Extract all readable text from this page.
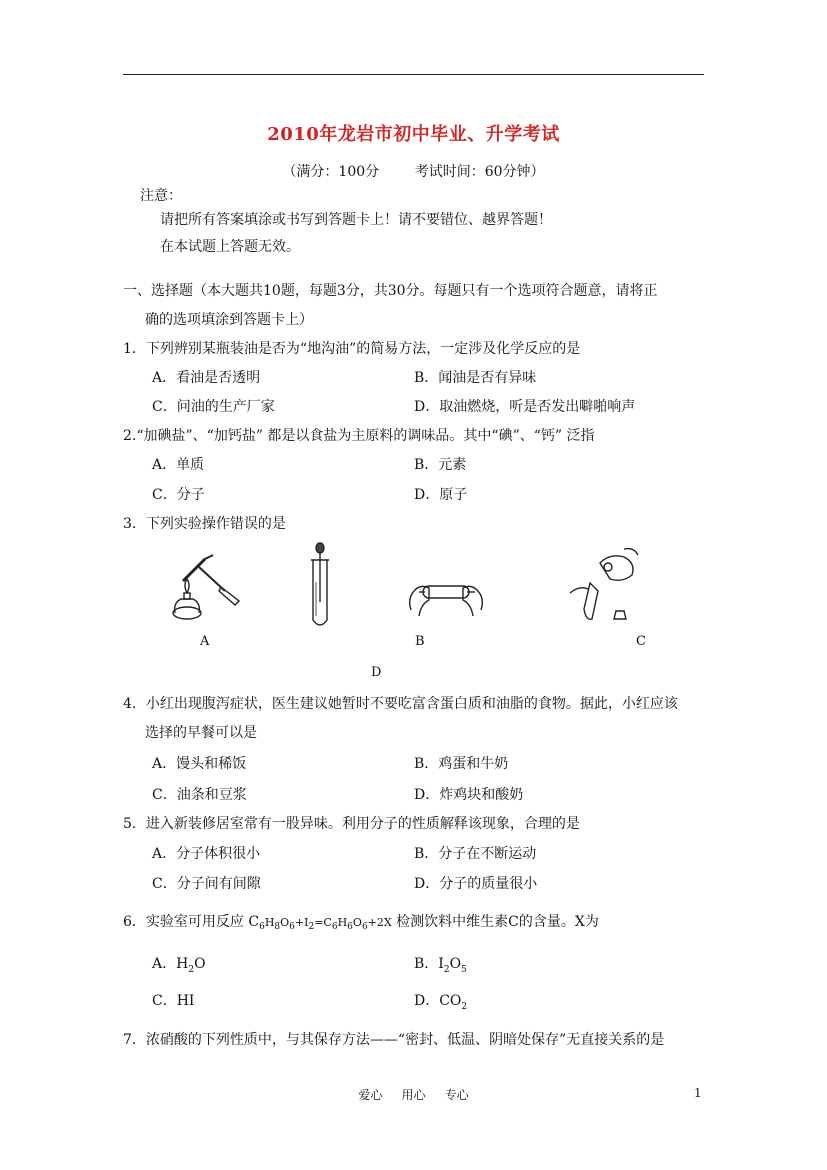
2010年龙岩市初中毕业、升学考试
（满分：100分        考试时间：60分钟）
注意：
请把所有答案填涂或书写到答题卡上！请不要错位、越界答题！
在本试题上答题无效。
一、选择题（本大题共10题，每题3分，共30分。每题只有一个选项符合题意，请将正
确的选项填涂到答题卡上）
1．下列辨别某瓶装油是否为“地沟油”的简易方法，一定涉及化学反应的是
A．看油是否透明	B．闻油是否有异味
C．问油的生产厂家	D．取油燃烧，听是否发出噼啪响声
2.“加碘盐”、“加钙盐” 都是以食盐为主原料的调味品。其中“碘”、“钙” 泛指
A．单质	B．元素
C．分子	D．原子
3．下列实验操作错误的是
A	B	C
D
4．小红出现腹泻症状，医生建议她暂时不要吃富含蛋白质和油脂的食物。据此，小红应该
选择的早餐可以是
A．馒头和稀饭	B．鸡蛋和牛奶
C．油条和豆浆	D．炸鸡块和酸奶
5．进入新装修居室常有一股异味。利用分子的性质解释该现象，合理的是
A．分子体积很小	B．分子在不断运动
C．分子间有间隙	D．分子的质量很小
6．实验室可用反应 $C_6H_8O_6+I_2=C_6H_6O_6+2X$ 检测饮料中维生素C的含量。X为
A．$H_2O$	B．$I_2O_5$
C．HI	D．$CO_2$
7．浓硝酸的下列性质中，与其保存方法——“密封、低温、阴暗处保存”无直接关系的是
爱心     用心     专心	1
